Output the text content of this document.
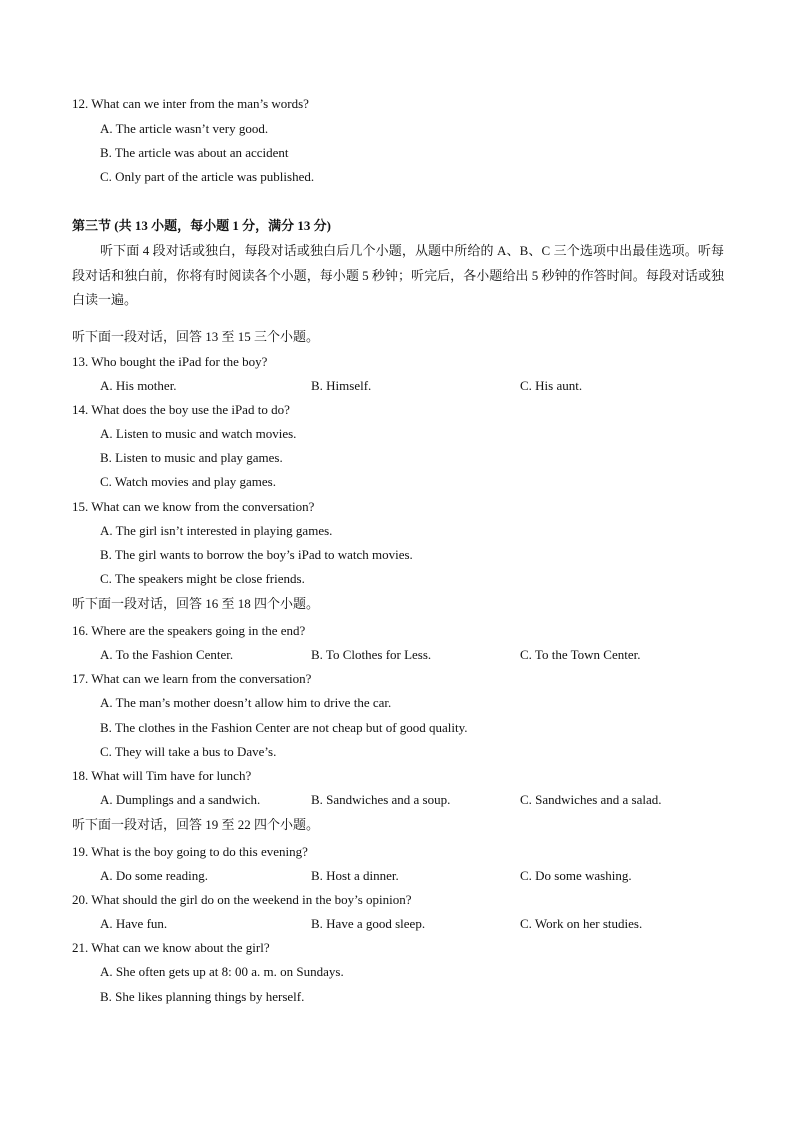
12. What can we inter from the man’s words?
A. The article wasn’t very good.
B. The article was about an accident
C. Only part of the article was published.
第三节 (共 13 小题，每小题 1 分，满分 13 分)

听下面 4 段对话或独白，每段对话或独白后几个小题，从题中所给的 A、B、C 三个选项中出最佳选项。听每段对话和独白前，你将有时阅读各个小题，每小题 5 秒钟；听完后，各小题给出 5 秒钟的作答时间。每段对话或独白读一遍。

听下面一段对话，回答 13 至 15 三个小题。
13. Who bought the iPad for the boy?
A. His mother.	B. Himself.	C. His aunt.
14. What does the boy use the iPad to do?
A. Listen to music and watch movies.
B. Listen to music and play games.
C. Watch movies and play games.
15. What can we know from the conversation?
A. The girl isn’t interested in playing games.
B. The girl wants to borrow the boy’s iPad to watch movies.
C. The speakers might be close friends.
听下面一段对话，回答 16 至 18 四个小题。
16. Where are the speakers going in the end?
A. To the Fashion Center.	B. To Clothes for Less.	C. To the Town Center.
17. What can we learn from the conversation?
A. The man’s mother doesn’t allow him to drive the car.
B. The clothes in the Fashion Center are not cheap but of good quality.
C. They will take a bus to Dave’s.
18. What will Tim have for lunch?
A. Dumplings and a sandwich.	B. Sandwiches and a soup.	C. Sandwiches and a salad.
听下面一段对话，回答 19 至 22 四个小题。
19. What is the boy going to do this evening?
A. Do some reading.	B. Host a dinner.	C. Do some washing.
20. What should the girl do on the weekend in the boy’s opinion?
A. Have fun.	B. Have a good sleep.	C. Work on her studies.
21. What can we know about the girl?
A. She often gets up at 8: 00 a. m. on Sundays.
B. She likes planning things by herself.
